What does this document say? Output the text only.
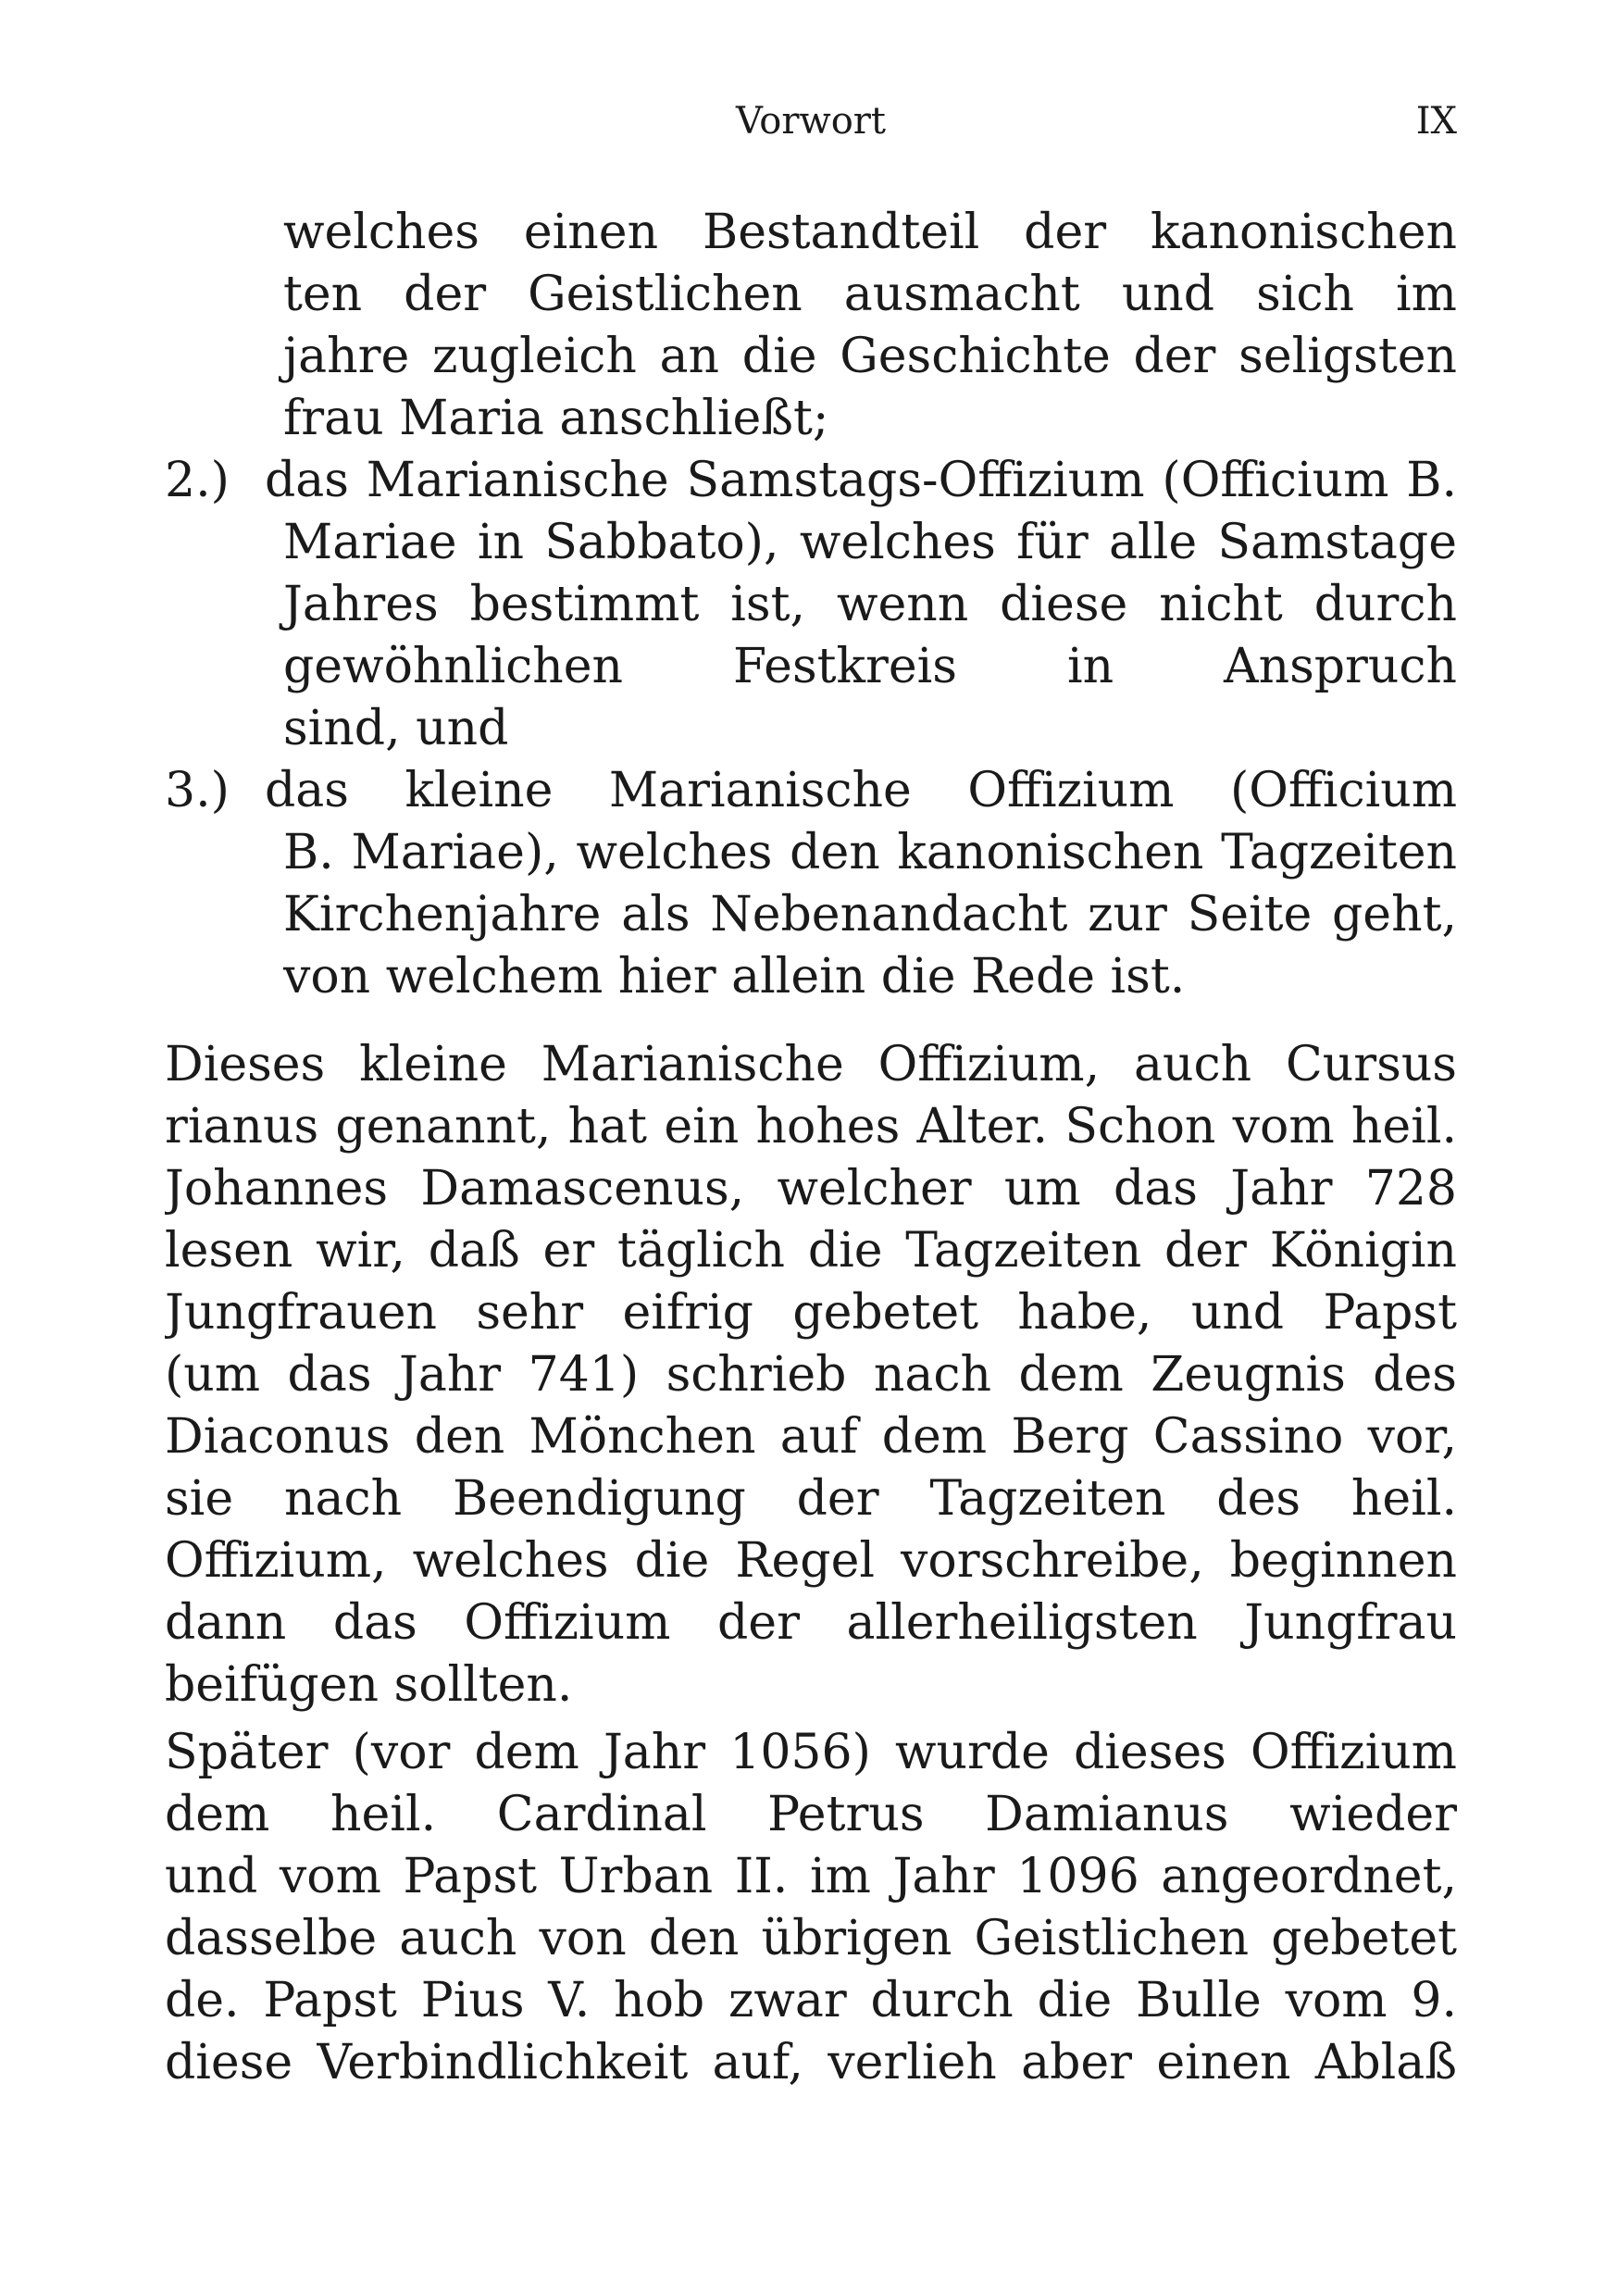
Vorwort	IX
welches einen Bestandteil der kanonischen
ten der Geistlichen ausmacht und sich im
jahre zugleich an die Geschichte der seligsten
frau Maria anschließt;
2.) das Marianische Samstags-Offizium (Officium B.
Mariae in Sabbato), welches für alle Samstage
Jahres bestimmt ist, wenn diese nicht durch
gewöhnlichen Festkreis in Anspruch
sind, und
3.) das kleine Marianische Offizium (Officium
B. Mariae), welches den kanonischen Tagzeiten
Kirchenjahre als Nebenandacht zur Seite geht,
von welchem hier allein die Rede ist.
Dieses kleine Marianische Offizium, auch Cursus
rianus genannt, hat ein hohes Alter. Schon vom heil.
Johannes Damascenus, welcher um das Jahr 728
lesen wir, daß er täglich die Tagzeiten der Königin
Jungfrauen sehr eifrig gebetet habe, und Papst
(um das Jahr 741) schrieb nach dem Zeugnis des
Diaconus den Mönchen auf dem Berg Cassino vor,
sie nach Beendigung der Tagzeiten des heil.
Offizium, welches die Regel vorschreibe, beginnen
dann das Offizium der allerheiligsten Jungfrau
beifügen sollten.
Später (vor dem Jahr 1056) wurde dieses Offizium
dem heil. Cardinal Petrus Damianus wieder
und vom Papst Urban II. im Jahr 1096 angeordnet,
dasselbe auch von den übrigen Geistlichen gebetet
de. Papst Pius V. hob zwar durch die Bulle vom 9.
diese Verbindlichkeit auf, verlieh aber einen Ablaß
